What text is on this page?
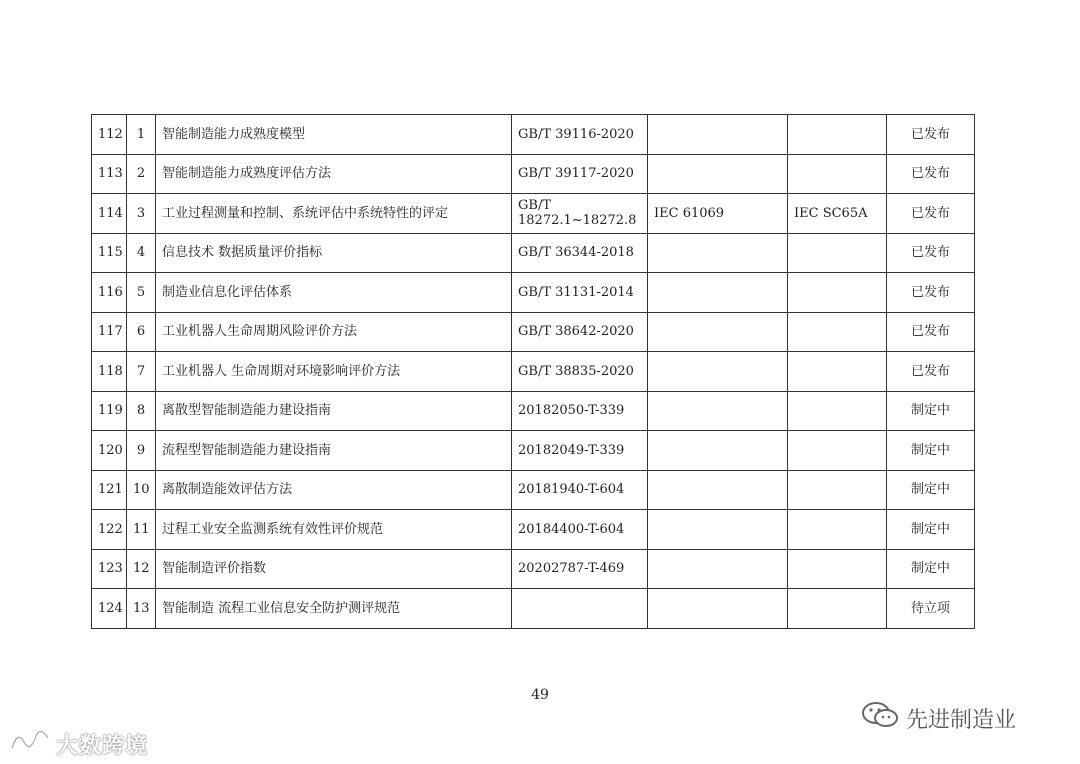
112	1	智能制造能力成熟度模型	GB/T 39116-2020			已发布
113	2	智能制造能力成熟度评估方法	GB/T 39117-2020			已发布
114	3	工业过程测量和控制、系统评估中系统特性的评定	GB/T 18272.1~18272.8	IEC 61069	IEC SC65A	已发布
115	4	信息技术 数据质量评价指标	GB/T 36344-2018			已发布
116	5	制造业信息化评估体系	GB/T 31131-2014			已发布
117	6	工业机器人生命周期风险评价方法	GB/T 38642-2020			已发布
118	7	工业机器人 生命周期对环境影响评价方法	GB/T 38835-2020			已发布
119	8	离散型智能制造能力建设指南	20182050-T-339			制定中
120	9	流程型智能制造能力建设指南	20182049-T-339			制定中
121	10	离散制造能效评估方法	20181940-T-604			制定中
122	11	过程工业安全监测系统有效性评价规范	20184400-T-604			制定中
123	12	智能制造评价指数	20202787-T-469			制定中
124	13	智能制造 流程工业信息安全防护测评规范				待立项
49
大数跨境
先进制造业
